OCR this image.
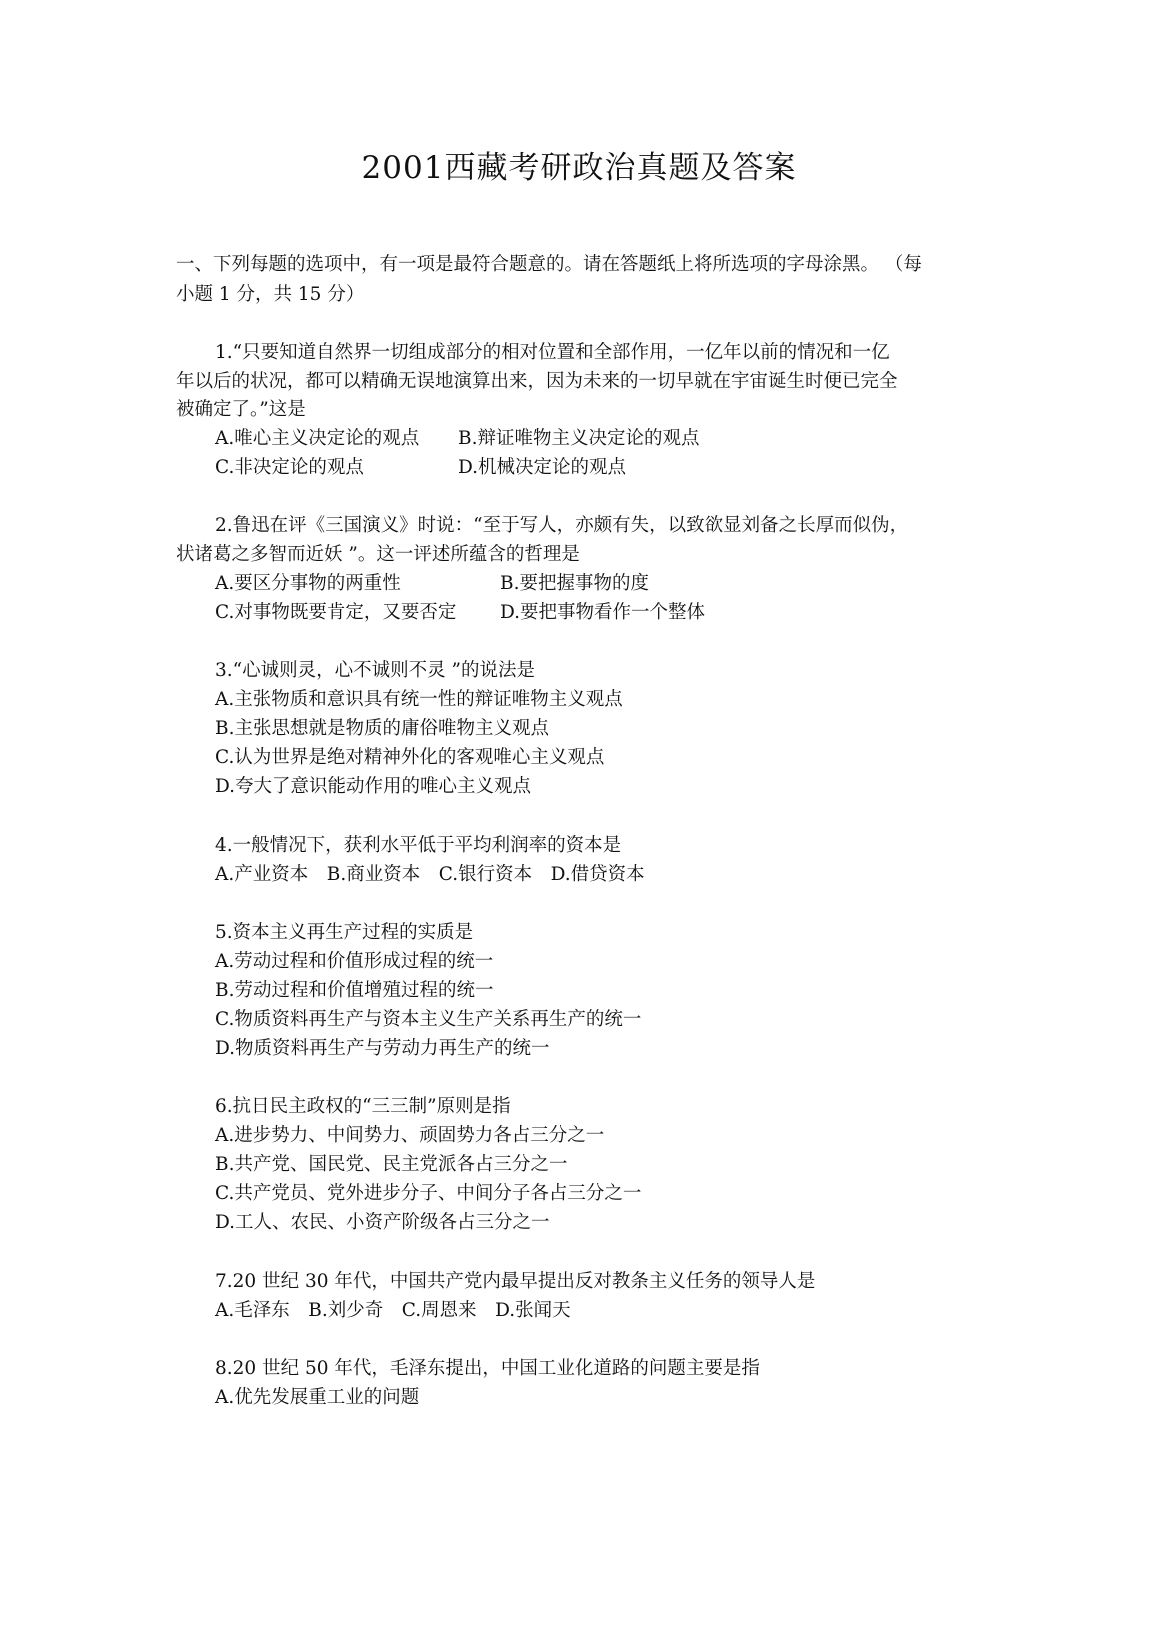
2001西藏考研政治真题及答案
一、下列每题的选项中，有一项是最符合题意的。请在答题纸上将所选项的字母涂黑。 （每
小题 1 分，共 15 分）
1.“只要知道自然界一切组成部分的相对位置和全部作用，一亿年以前的情况和一亿
年以后的状况，都可以精确无误地演算出来，因为未来的一切早就在宇宙诞生时便已完全
被确定了。”这是
A.唯心主义决定论的观点 B.辩证唯物主义决定论的观点
C.非决定论的观点	D.机械决定论的观点
2.鲁迅在评《三国演义》时说：“至于写人，亦颇有失，以致欲显刘备之长厚而似伪，
状诸葛之多智而近妖 ”。这一评述所蕴含的哲理是
A.要区分事物的两重性	B.要把握事物的度
C.对事物既要肯定，又要否定 D.要把事物看作一个整体
3.“心诚则灵，心不诚则不灵 ”的说法是
A.主张物质和意识具有统一性的辩证唯物主义观点
B.主张思想就是物质的庸俗唯物主义观点
C.认为世界是绝对精神外化的客观唯心主义观点
D.夸大了意识能动作用的唯心主义观点
4.一般情况下，获利水平低于平均利润率的资本是
A.产业资本　B.商业资本　C.银行资本　D.借贷资本
5.资本主义再生产过程的实质是
A.劳动过程和价值形成过程的统一
B.劳动过程和价值增殖过程的统一
C.物质资料再生产与资本主义生产关系再生产的统一
D.物质资料再生产与劳动力再生产的统一
6.抗日民主政权的“三三制”原则是指
A.进步势力、中间势力、顽固势力各占三分之一
B.共产党、国民党、民主党派各占三分之一
C.共产党员、党外进步分子、中间分子各占三分之一
D.工人、农民、小资产阶级各占三分之一
7.20 世纪 30 年代，中国共产党内最早提出反对教条主义任务的领导人是
A.毛泽东　B.刘少奇　C.周恩来　D.张闻天
8.20 世纪 50 年代，毛泽东提出，中国工业化道路的问题主要是指
A.优先发展重工业的问题
